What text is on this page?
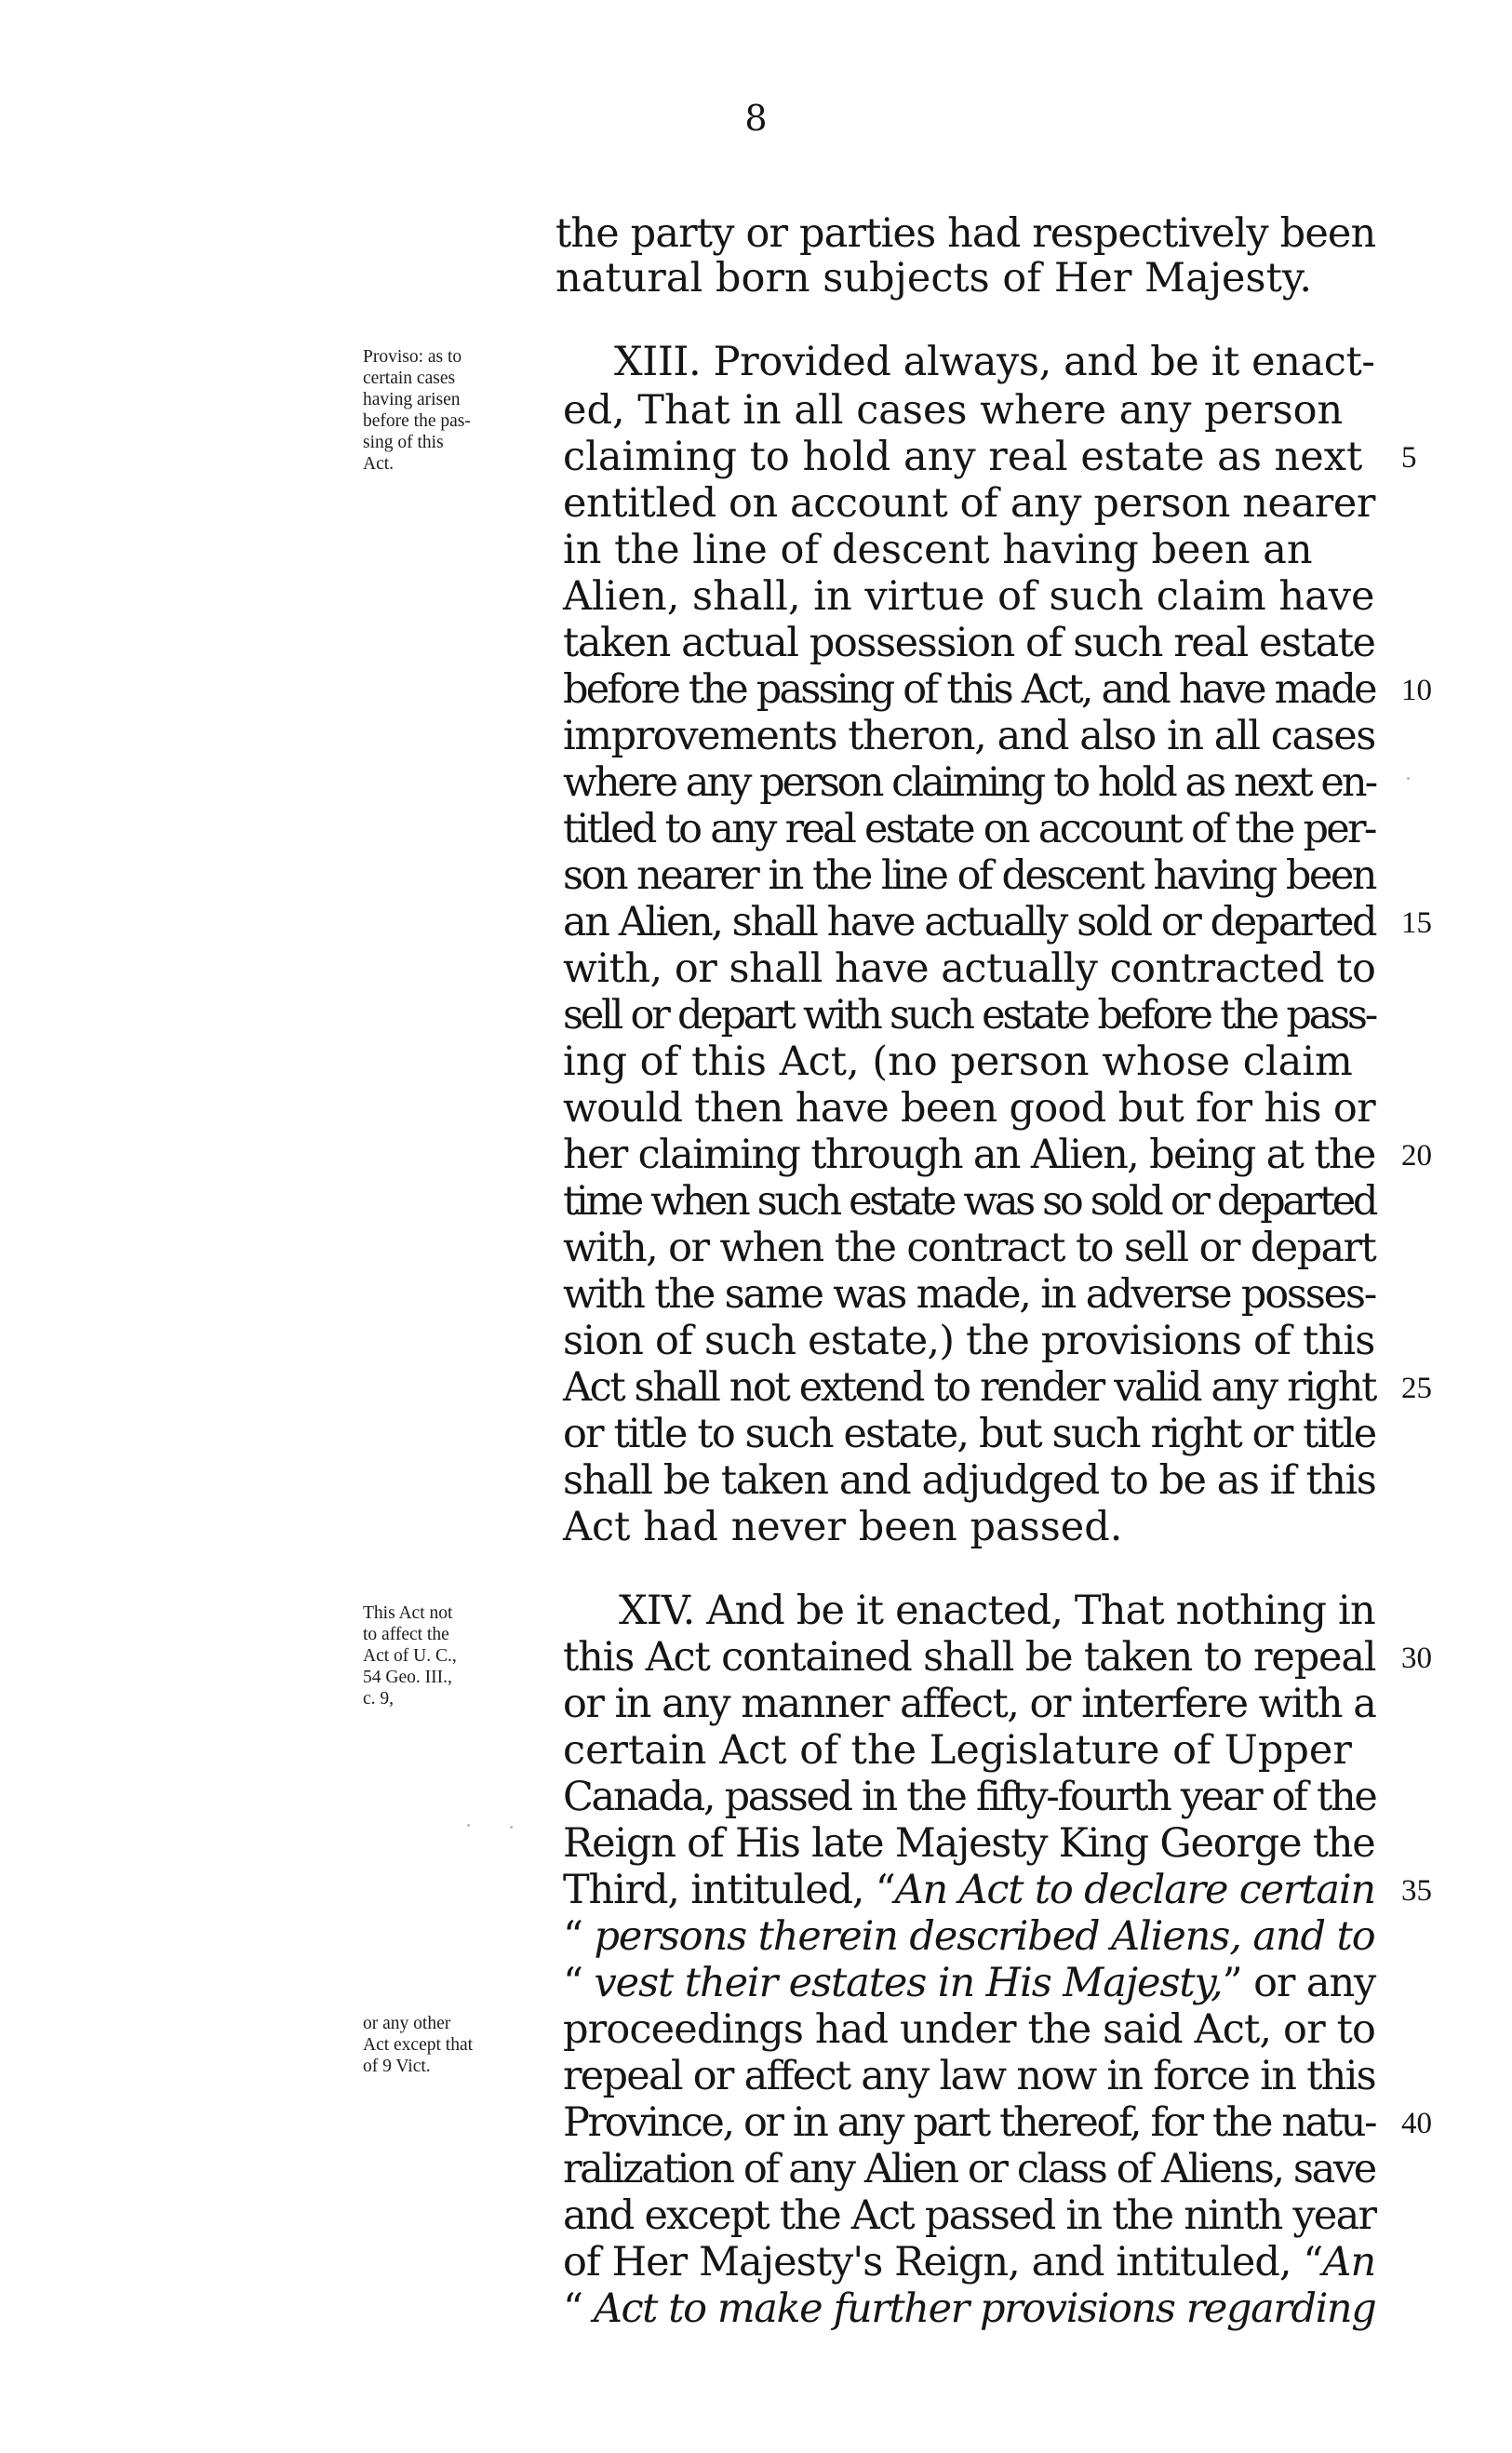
8
Proviso: as to
certain cases
having arisen
before the pas-
sing of this
Act.
This Act not
to affect the
Act of U. C.,
54 Geo. III.,
c. 9,
or any other
Act except that
of 9 Vict.
the party or parties had respectively been
natural born subjects of Her Majesty.
XIII. Provided always, and be it enact-
ed, That in all cases where any person
claiming to hold any real estate as next
entitled on account of any person nearer
in the line of descent having been an
Alien, shall, in virtue of such claim have
taken actual possession of such real estate
before the passing of this Act, and have made
improvements theron, and also in all cases
where any person claiming to hold as next en-
titled to any real estate on account of the per-
son nearer in the line of descent having been
an Alien, shall have actually sold or departed
with, or shall have actually contracted to
sell or depart with such estate before the pass-
ing of this Act, (no person whose claim
would then have been good but for his or
her claiming through an Alien, being at the
time when such estate was so sold or departed
with, or when the contract to sell or depart
with the same was made, in adverse posses-
sion of such estate,) the provisions of this
Act shall not extend to render valid any right
or title to such estate, but such right or title
shall be taken and adjudged to be as if this
Act had never been passed.
XIV. And be it enacted, That nothing in
this Act contained shall be taken to repeal
or in any manner affect, or interfere with a
certain Act of the Legislature of Upper
Canada, passed in the fifty-fourth year of the
Reign of His late Majesty King George the
Third, intituled, “An Act to declare certain
“ persons therein described Aliens, and to
“ vest their estates in His Majesty,” or any
proceedings had under the said Act, or to
repeal or affect any law now in force in this
Province, or in any part thereof, for the natu-
ralization of any Alien or class of Aliens, save
and except the Act passed in the ninth year
of Her Majesty's Reign, and intituled, “An
“ Act to make further provisions regarding
5
10
15
20
25
30
35
40
